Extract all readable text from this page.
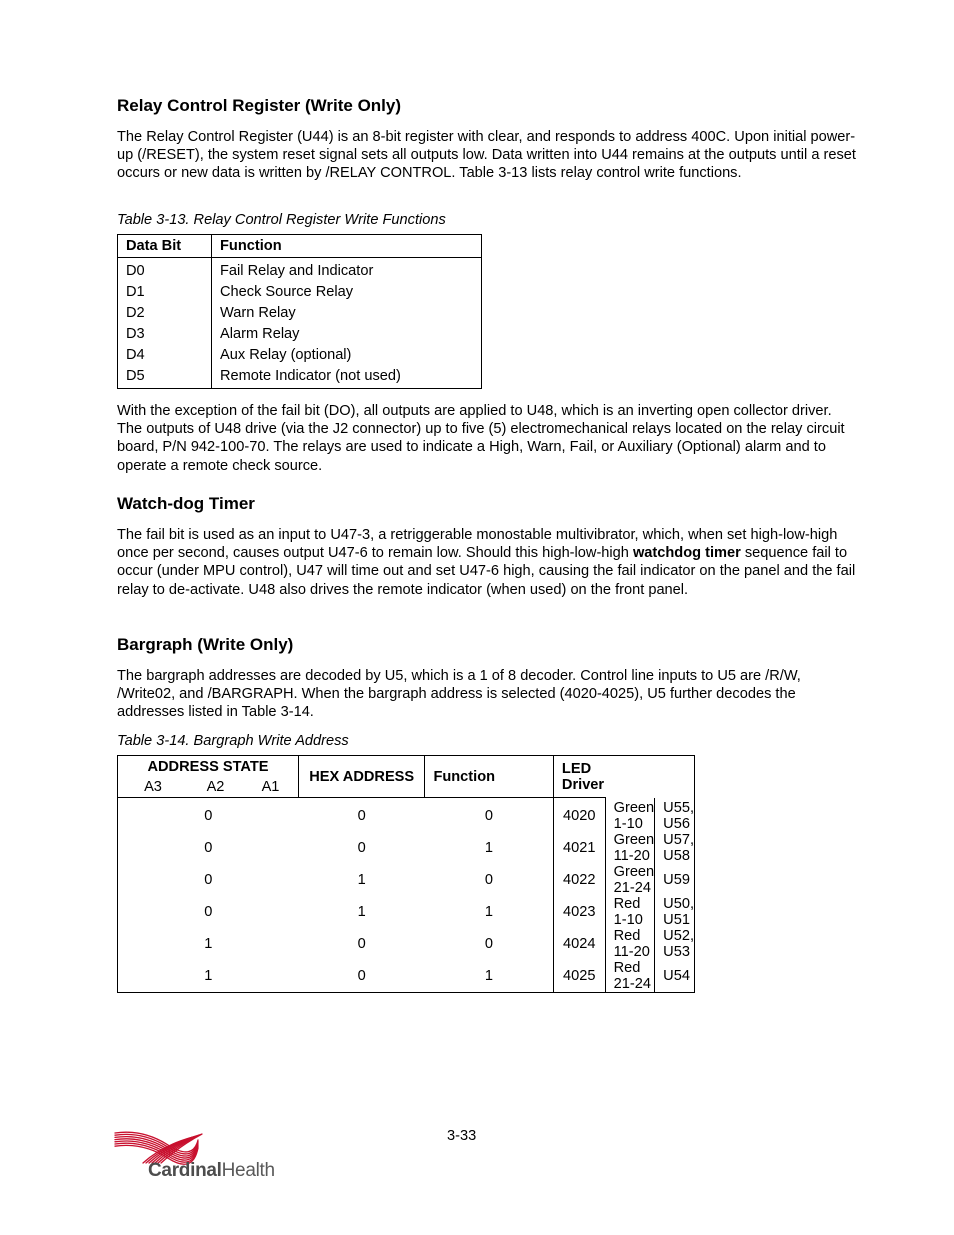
Relay Control Register (Write Only)

The Relay Control Register (U44) is an 8-bit register with clear, and responds to address 400C. Upon initial power-up (/RESET), the system reset signal sets all outputs low. Data written into U44 remains at the outputs until a reset occurs or new data is written by /RELAY CONTROL. Table 3-13 lists relay control write functions.

Table 3-13. Relay Control Register Write Functions
Data Bit	Function
D0	Fail Relay and Indicator
D1	Check Source Relay
D2	Warn Relay
D3	Alarm Relay
D4	Aux Relay (optional)
D5	Remote Indicator (not used)

With the exception of the fail bit (DO), all outputs are applied to U48, which is an inverting open collector driver. The outputs of U48 drive (via the J2 connector) up to five (5) electromechanical relays located on the relay circuit board, P/N 942-100-70. The relays are used to indicate a High, Warn, Fail, or Auxiliary (Optional) alarm and to operate a remote check source.

Watch-dog Timer

The fail bit is used as an input to U47-3, a retriggerable monostable multivibrator, which, when set high-low-high once per second, causes output U47-6 to remain low. Should this high-low-high watchdog timer sequence fail to occur (under MPU control), U47 will time out and set U47-6 high, causing the fail indicator on the panel and the fail relay to de-activate. U48 also drives the remote indicator (when used) on the front panel.

Bargraph (Write Only)

The bargraph addresses are decoded by U5, which is a 1 of 8 decoder. Control line inputs to U5 are /R/W, /Write02, and /BARGRAPH. When the bargraph address is selected (4020-4025), U5 further decodes the addresses listed in Table 3-14.

Table 3-14. Bargraph Write Address
ADDRESS STATE
A3 A2 A1	HEX ADDRESS	Function	LED Driver		
0	0	0	4020	Green 1-10	U55, U56
0	0	1	4021	Green 11-20	U57, U58
0	1	0	4022	Green 21-24	U59
0	1	1	4023	Red 1-10	U50, U51
1	0	0	4024	Red 11-20	U52, U53
1	0	1	4025	Red 21-24	U54
3-33
CardinalHealth
